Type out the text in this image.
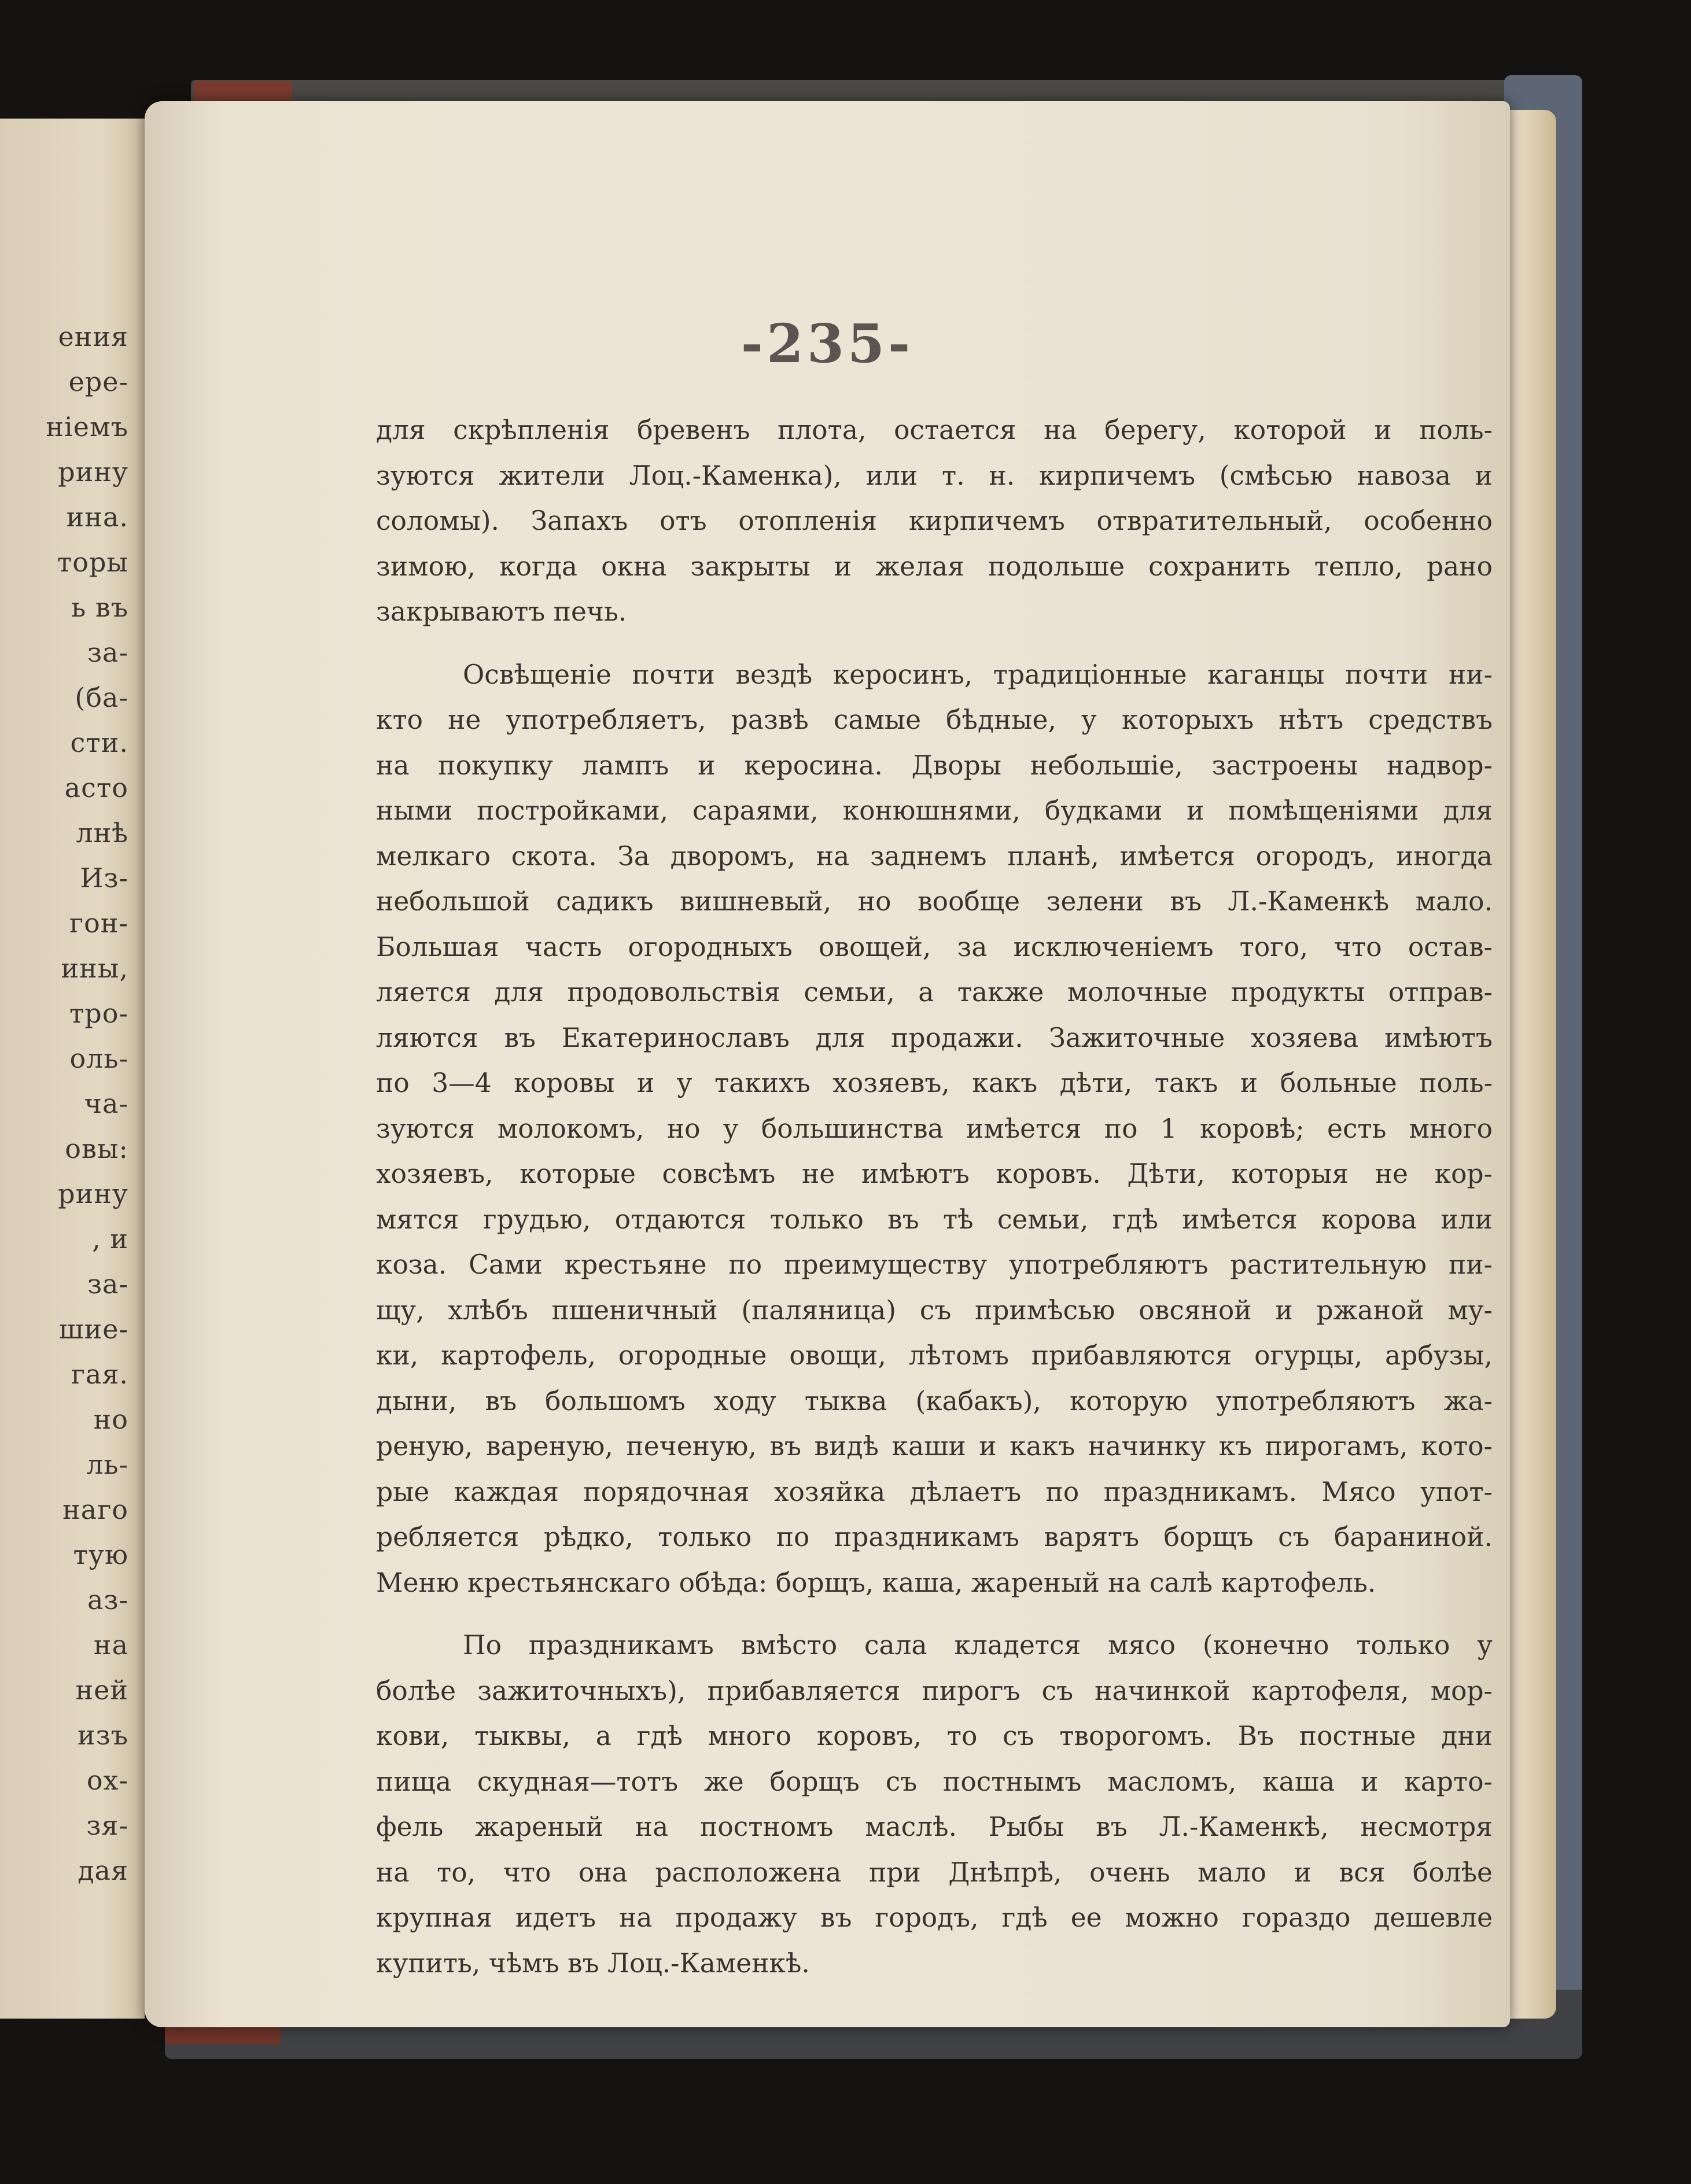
ения
ере-
ніемъ
рину
ина.
торы
ь въ
за-
(ба-
сти.
асто
лнѣ
Из-
гон-
ины,
тро-
оль-
ча-
овы:
рину
, и
за-
шие-
гая.
но
ль-
наго
тую
аз-
на
ней
изъ
ох-
зя-
дая
-235-
для скрѣпленія бревенъ плота, остается на берегу, которой и поль-
зуются жители Лоц.-Каменка), или т. н. кирпичемъ (смѣсью навоза и
соломы). Запахъ отъ отопленія кирпичемъ отвратительный, особенно
зимою, когда окна закрыты и желая подольше сохранить тепло, рано
закрываютъ печь.
Освѣщеніе почти вездѣ керосинъ, традиціонные каганцы почти ни-
кто не употребляетъ, развѣ самые бѣдные, у которыхъ нѣтъ средствъ
на покупку лампъ и керосина. Дворы небольшіе, застроены надвор-
ными постройками, сараями, конюшнями, будками и помѣщеніями для
мелкаго скота. За дворомъ, на заднемъ планѣ, имѣется огородъ, иногда
небольшой садикъ вишневый, но вообще зелени въ Л.-Каменкѣ мало.
Большая часть огородныхъ овощей, за исключеніемъ того, что остав-
ляется для продовольствія семьи, а также молочные продукты отправ-
ляются въ Екатеринославъ для продажи. Зажиточные хозяева имѣютъ
по 3—4 коровы и у такихъ хозяевъ, какъ дѣти, такъ и больные поль-
зуются молокомъ, но у большинства имѣется по 1 коровѣ; есть много
хозяевъ, которые совсѣмъ не имѣютъ коровъ. Дѣти, которыя не кор-
мятся грудью, отдаются только въ тѣ семьи, гдѣ имѣется корова или
коза. Сами крестьяне по преимуществу употребляютъ растительную пи-
щу, хлѣбъ пшеничный (паляница) съ примѣсью овсяной и ржаной му-
ки, картофель, огородные овощи, лѣтомъ прибавляются огурцы, арбузы,
дыни, въ большомъ ходу тыква (кабакъ), которую употребляютъ жа-
реную, вареную, печеную, въ видѣ каши и какъ начинку къ пирогамъ, кото-
рые каждая порядочная хозяйка дѣлаетъ по праздникамъ. Мясо упот-
ребляется рѣдко, только по праздникамъ варятъ борщъ съ бараниной.
Меню крестьянскаго обѣда: борщъ, каша, жареный на салѣ картофель.
По праздникамъ вмѣсто сала кладется мясо (конечно только у
болѣе зажиточныхъ), прибавляется пирогъ съ начинкой картофеля, мор-
кови, тыквы, а гдѣ много коровъ, то съ творогомъ. Въ постные дни
пища скудная—тотъ же борщъ съ постнымъ масломъ, каша и карто-
фель жареный на постномъ маслѣ. Рыбы въ Л.-Каменкѣ, несмотря
на то, что она расположена при Днѣпрѣ, очень мало и вся болѣе
крупная идетъ на продажу въ городъ, гдѣ ее можно гораздо дешевле
купить, чѣмъ въ Лоц.-Каменкѣ.
